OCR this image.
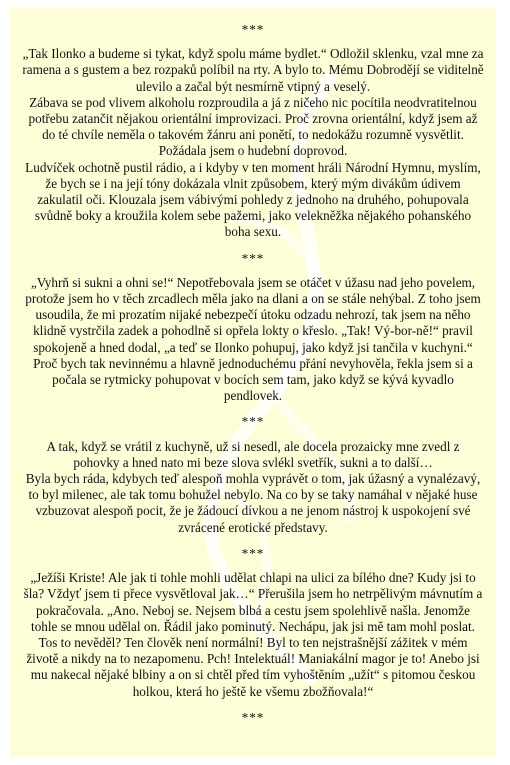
***

„Tak Ilonko a budeme si tykat, když spolu máme bydlet.“ Odložil sklenku, vzal mne za ramena a s gustem a bez rozpaků políbil na rty. A bylo to. Mému Dobrodějí se viditelně ulevilo a začal být nesmírně vtipný a veselý.

Zábava se pod vlivem alkoholu rozproudila a já z ničeho nic pocítila neodvratitelnou potřebu zatančit nějakou orientální improvizaci. Proč zrovna orientální, když jsem až do té chvíle neměla o takovém žánru ani ponětí, to nedokážu rozumně vysvětlit. Požádala jsem o hudební doprovod.

Ludvíček ochotně pustil rádio, a i kdyby v ten moment hráli Národní Hymnu, myslím, že bych se i na její tóny dokázala vlnit způsobem, který mým divákům údivem zakulatil oči. Klouzala jsem vábivými pohledy z jednoho na druhého, pohupovala svůdně boky a kroužila kolem sebe pažemi, jako velekněžka nějakého pohanského boha sexu.

***

„Vyhrň si sukni a ohni se!“ Nepotřebovala jsem se otáčet v úžasu nad jeho povelem, protože jsem ho v těch zrcadlech měla jako na dlani a on se stále nehýbal. Z toho jsem usoudila, že mi prozatím nijaké nebezpečí útoku odzadu nehrozí, tak jsem na něho klidně vystrčila zadek a pohodlně si opřela lokty o křeslo. „Tak! Vý-bor-ně!“ pravil spokojeně a hned dodal, „a teď se Ilonko pohupuj, jako když jsi tančila v kuchyni.“ Proč bych tak nevinnému a hlavně jednoduchému přání nevyhověla, řekla jsem si a počala se rytmicky pohupovat v bocích sem tam, jako když se kývá kyvadlo pendlovek.

***

A tak, když se vrátil z kuchyně, už si nesedl, ale docela prozaicky mne zvedl z pohovky a hned nato mi beze slova svlékl svetřík, sukni a to další…

Byla bych ráda, kdybych teď alespoň mohla vyprávět o tom, jak úžasný a vynalézavý, to byl milenec, ale tak tomu bohužel nebylo. Na co by se taky namáhal v nějaké huse vzbuzovat alespoň pocit, že je žádoucí dívkou a ne jenom nástroj k uspokojení své zvrácené erotické představy.

***

„Ježíši Kriste! Ale jak ti tohle mohli udělat chlapi na ulici za bílého dne? Kudy jsi to šla? Vždyť jsem ti přece vysvětloval jak…“ Přerušila jsem ho netrpělivým mávnutím a pokračovala. „Ano. Neboj se. Nejsem blbá a cestu jsem spolehlivě našla. Jenomže tohle se mnou udělal on. Řádil jako pominutý. Nechápu, jak jsi mě tam mohl poslat. Tos to nevěděl? Ten člověk není normální! Byl to ten nejstrašnější zážitek v mém životě a nikdy na to nezapomenu. Pch! Intelektuál! Maniakální magor je to! Anebo jsi mu nakecal nějaké blbiny a on si chtěl před tím vyhoštěním „užít“ s pitomou českou holkou, která ho ještě ke všemu zbožňovala!“

***
